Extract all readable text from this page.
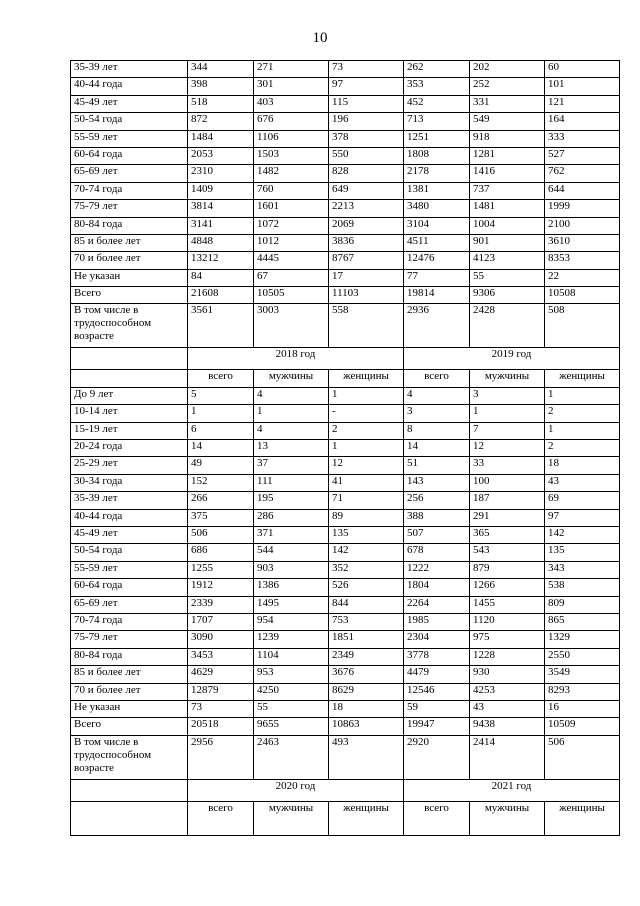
10
35-39 лет	344	271	73	262	202	60
40-44 года	398	301	97	353	252	101
45-49 лет	518	403	115	452	331	121
50-54 года	872	676	196	713	549	164
55-59 лет	1484	1106	378	1251	918	333
60-64 года	2053	1503	550	1808	1281	527
65-69 лет	2310	1482	828	2178	1416	762
70-74 года	1409	760	649	1381	737	644
75-79 лет	3814	1601	2213	3480	1481	1999
80-84 года	3141	1072	2069	3104	1004	2100
85 и более лет	4848	1012	3836	4511	901	3610
70 и более лет	13212	4445	8767	12476	4123	8353
Не указан	84	67	17	77	55	22
Всего	21608	10505	11103	19814	9306	10508
В том числе в трудоспособном возрасте	3561	3003	558	2936	2428	508
	2018 год			2019 год		
	всего	мужчины	женщины	всего	мужчины	женщины
До 9 лет	5	4	1	4	3	1
10-14 лет	1	1	-	3	1	2
15-19 лет	6	4	2	8	7	1
20-24 года	14	13	1	14	12	2
25-29 лет	49	37	12	51	33	18
30-34 года	152	111	41	143	100	43
35-39 лет	266	195	71	256	187	69
40-44 года	375	286	89	388	291	97
45-49 лет	506	371	135	507	365	142
50-54 года	686	544	142	678	543	135
55-59 лет	1255	903	352	1222	879	343
60-64 года	1912	1386	526	1804	1266	538
65-69 лет	2339	1495	844	2264	1455	809
70-74 года	1707	954	753	1985	1120	865
75-79 лет	3090	1239	1851	2304	975	1329
80-84 года	3453	1104	2349	3778	1228	2550
85 и более лет	4629	953	3676	4479	930	3549
70 и более лет	12879	4250	8629	12546	4253	8293
Не указан	73	55	18	59	43	16
Всего	20518	9655	10863	19947	9438	10509
В том числе в трудоспособном возрасте	2956	2463	493	2920	2414	506
	2020 год			2021 год		
	всего	мужчины	женщины	всего	мужчины	женщины
